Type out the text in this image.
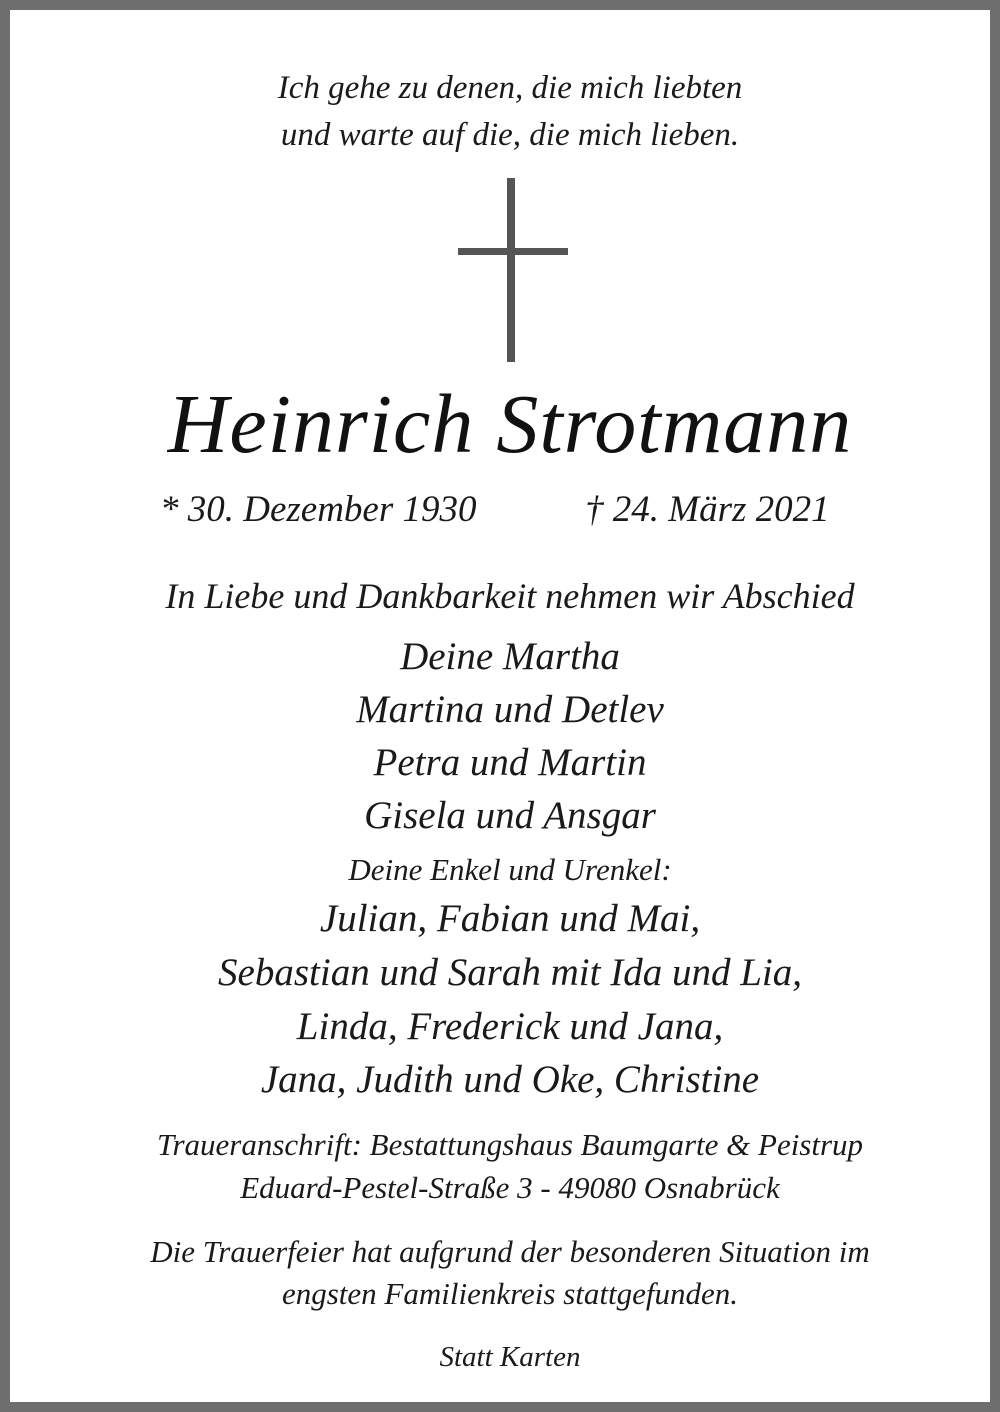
Ich gehe zu denen, die mich liebten
und warte auf die, die mich lieben.
Heinrich Strotmann
* 30. Dezember 1930	† 24. März 2021
In Liebe und Dankbarkeit nehmen wir Abschied
Deine Martha
Martina und Detlev
Petra und Martin
Gisela und Ansgar
Deine Enkel und Urenkel:
Julian, Fabian und Mai,
Sebastian und Sarah mit Ida und Lia,
Linda, Frederick und Jana,
Jana, Judith und Oke, Christine
Traueranschrift: Bestattungshaus Baumgarte & Peistrup
Eduard-Pestel-Straße 3 - 49080 Osnabrück
Die Trauerfeier hat aufgrund der besonderen Situation im
engsten Familienkreis stattgefunden.
Statt Karten
